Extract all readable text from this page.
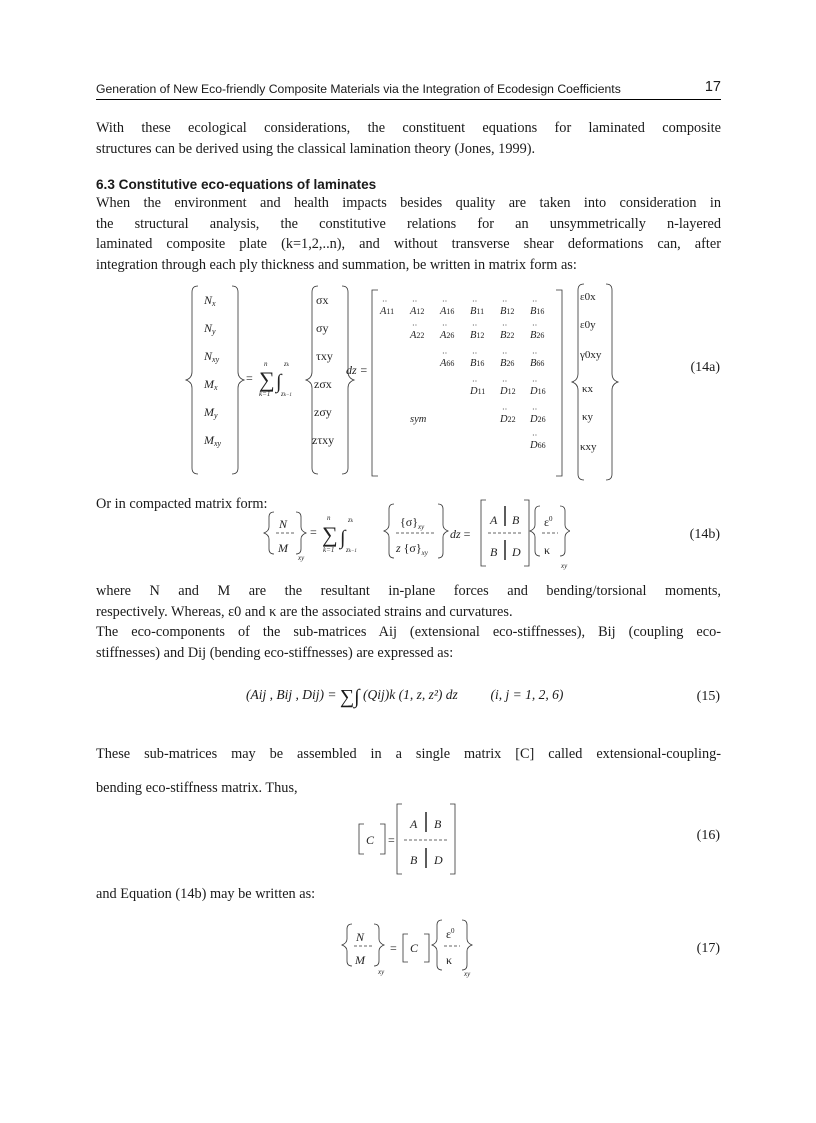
Generation of New Eco-friendly Composite Materials via the Integration of Ecodesign Coefficients	17
With these ecological considerations, the constituent equations for laminated composite
structures can be derived using the classical lamination theory (Jones, 1999).
6.3 Constitutive eco-equations of laminates
When the environment and health impacts besides quality are taken into consideration in
the structural analysis, the constitutive relations for an unsymmetrically n-layered
laminated composite plate (k=1,2,..n), and without transverse shear deformations can, after
integration through each ply thickness and summation, be written in matrix form as:
Nx
Ny
Nxy
Mx
My
Mxy
= ∑
n
k=1
∫
zk
zk−1
σx
σy
τxy
zσx
zσy
zτxy
dz =
··
A11
··
A12
··
A16
··
B11
··
B12
··
B16
··
A22
··
A26
··
B12
··
B22
··
B26
··
A66
··
B16
··
B26
··
B66
··
D11
··
D12
··
D16
sym
··
D22
··
D26
··
D66
ε0x
ε0y
γ0xy
κx
κy
κxy
(14a)
Or in compacted matrix form:
N
M
xy
= ∑
n
k=1
∫
zk
zk−1
$\{\sigma\}_{xy}$
z $\{\sigma\}_{xy}$
dz =
·· A B
B D
$\varepsilon^0$
κ
xy
(14b)
where N and M are the resultant in-plane forces and bending/torsional moments,
respectively. Whereas, ε0 and κ are the associated strains and curvatures.
The eco-components of the sub-matrices Aij (extensional eco-stiffnesses), Bij (coupling eco-
stiffnesses) and Dij (bending eco-stiffnesses) are expressed as:
(Aij , Bij , Dij) = ∑∫ (Qij)k (1, z, z²) dz (i, j = 1, 2, 6)	(15)
These sub-matrices may be assembled in a single matrix [C] called extensional-coupling-
bending eco-stiffness matrix. Thus,
C =
A B
B D
(16)
and Equation (14b) may be written as:
N
M
xy
= C
$\varepsilon^0$
κ
xy
(17)
